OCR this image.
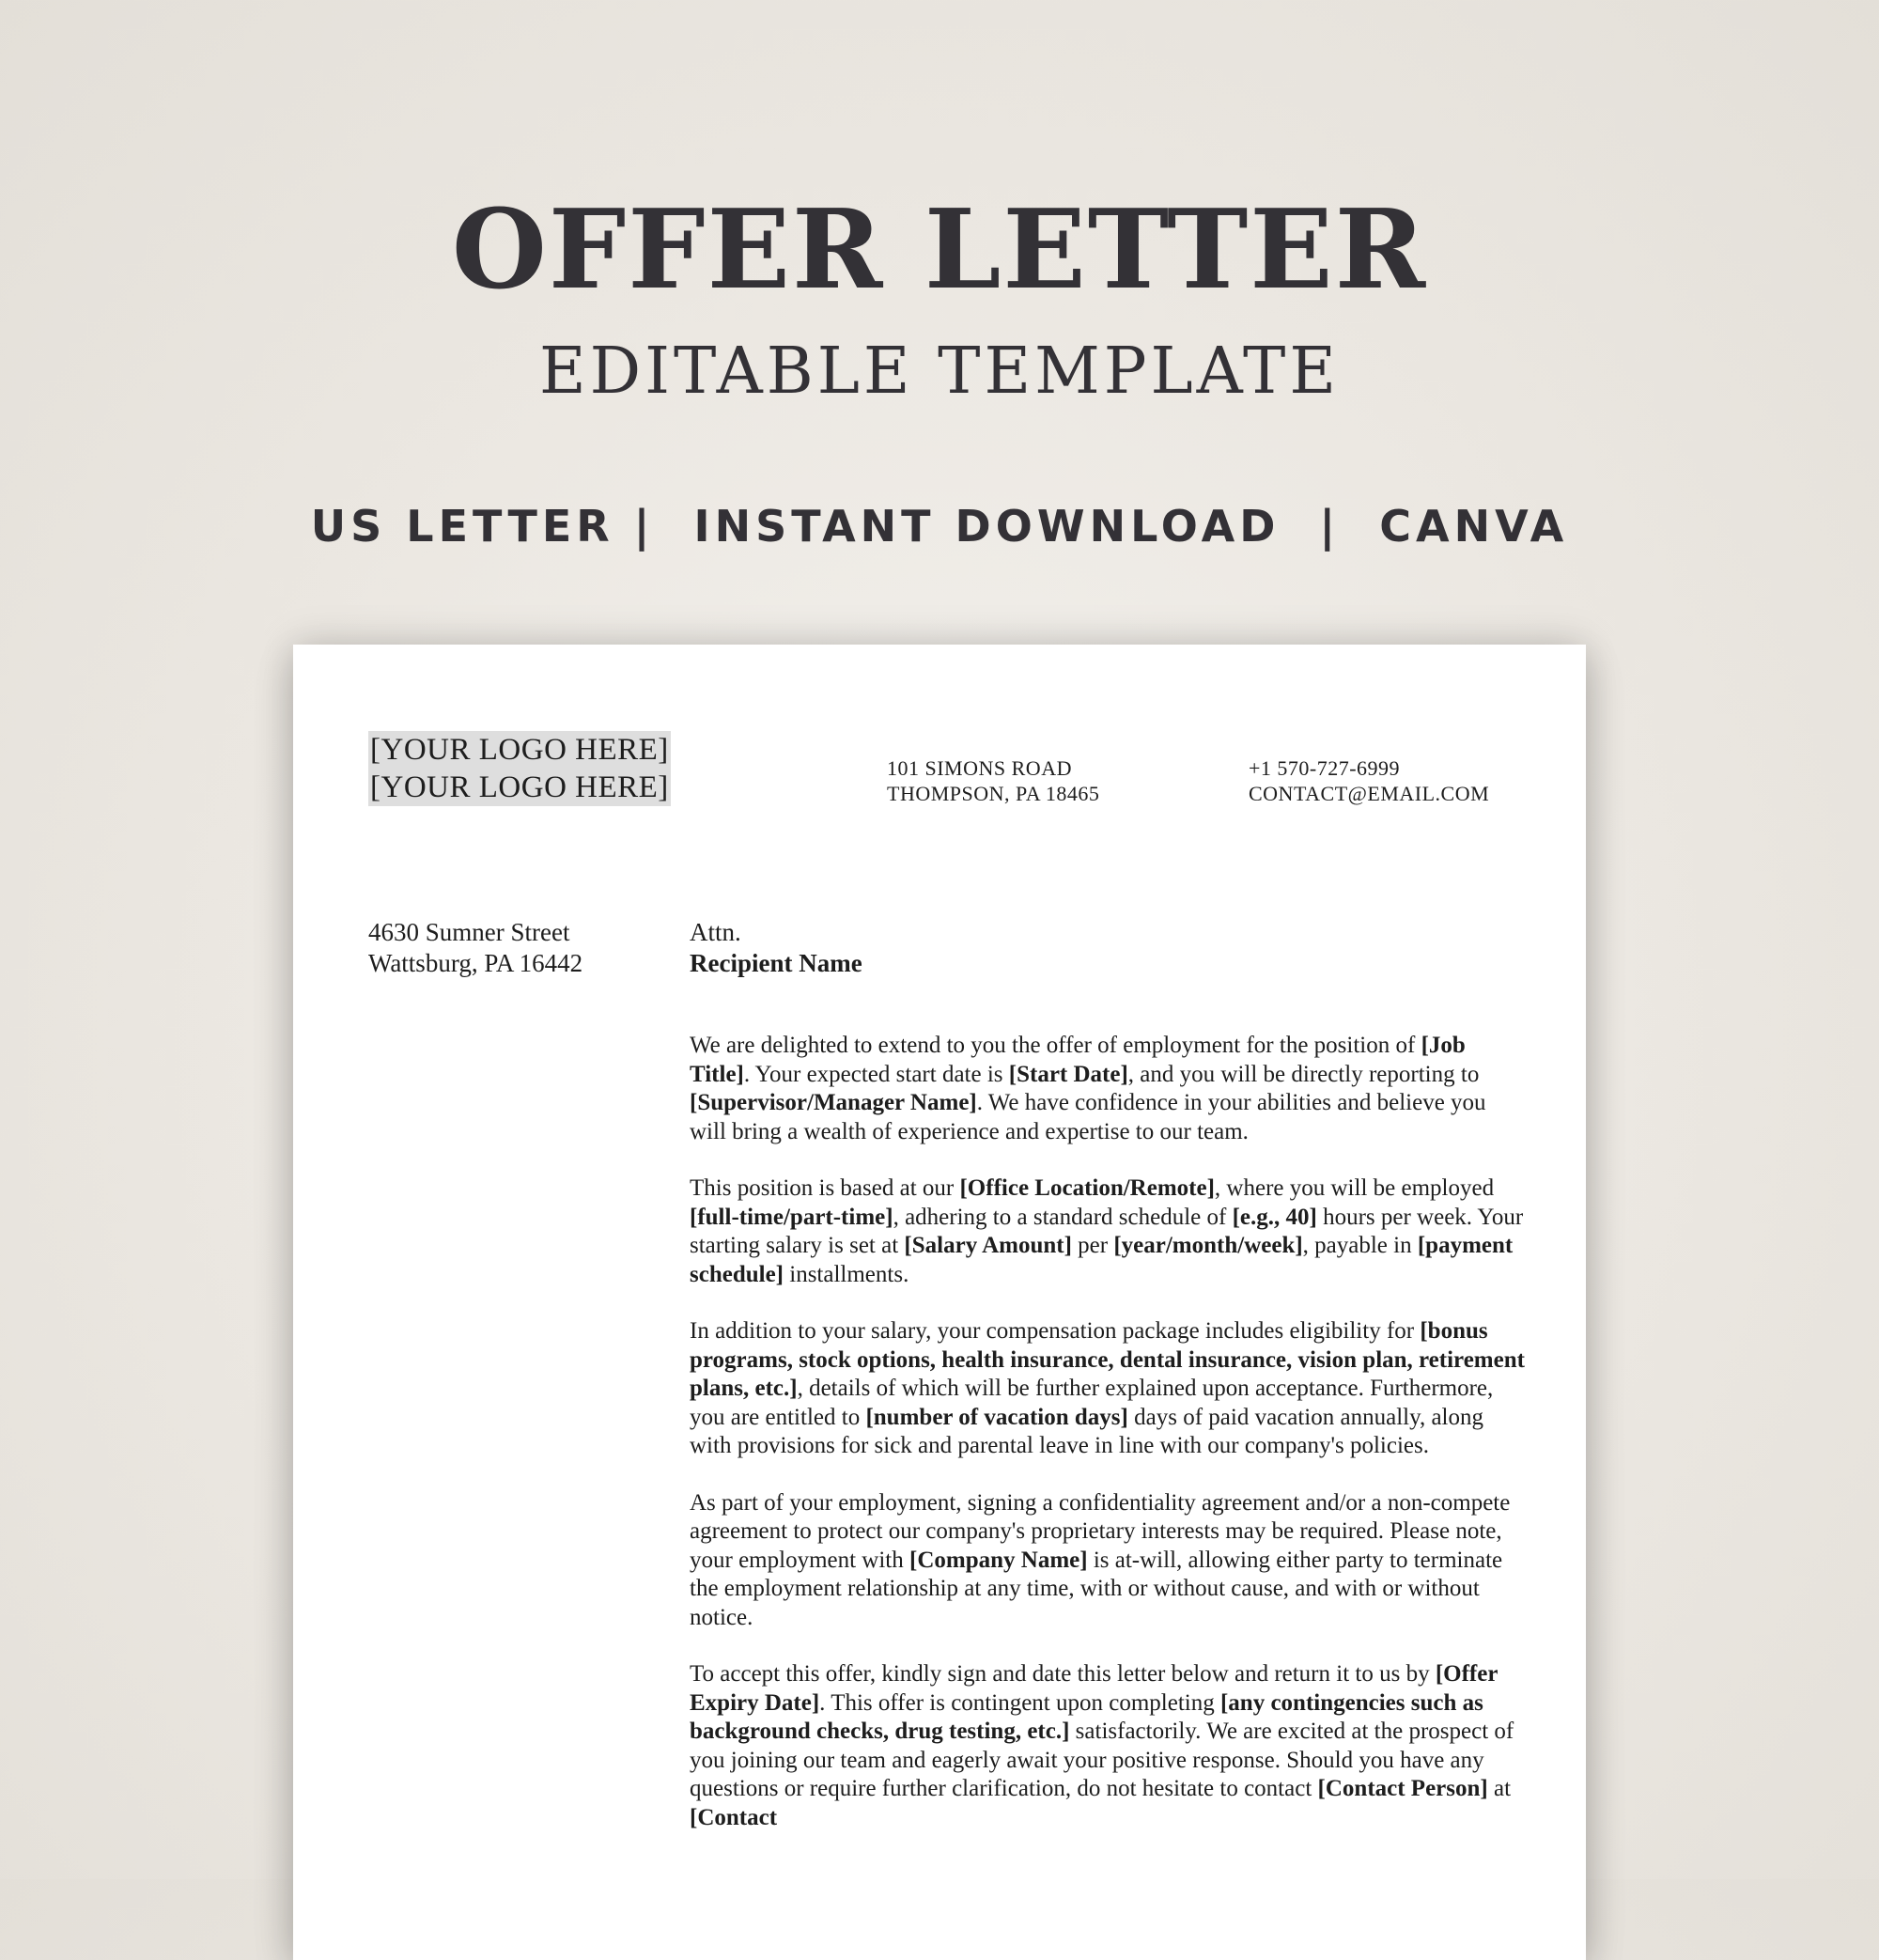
OFFER LETTER
EDITABLE TEMPLATE
US LETTER |  INSTANT DOWNLOAD  |  CANVA
[YOUR LOGO HERE]
[YOUR LOGO HERE]
101 SIMONS ROAD
THOMPSON, PA 18465
+1 570-727-6999
CONTACT@EMAIL.COM
4630 Sumner Street
Wattsburg, PA 16442
Attn.
Recipient Name

We are delighted to extend to you the offer of employment for the position of [Job Title]. Your expected start date is [Start Date], and you will be directly reporting to [Supervisor/Manager Name]. We have confidence in your abilities and believe you will bring a wealth of experience and expertise to our team.

This position is based at our [Office Location/Remote], where you will be employed [full-time/part-time], adhering to a standard schedule of [e.g., 40] hours per week. Your starting salary is set at [Salary Amount] per [year/month/week], payable in [payment schedule] installments.

In addition to your salary, your compensation package includes eligibility for [bonus programs, stock options, health insurance, dental insurance, vision plan, retirement plans, etc.], details of which will be further explained upon acceptance. Furthermore, you are entitled to [number of vacation days] days of paid vacation annually, along with provisions for sick and parental leave in line with our company's policies.

As part of your employment, signing a confidentiality agreement and/or a non-compete agreement to protect our company's proprietary interests may be required. Please note, your employment with [Company Name] is at-will, allowing either party to terminate the employment relationship at any time, with or without cause, and with or without notice.

To accept this offer, kindly sign and date this letter below and return it to us by [Offer Expiry Date]. This offer is contingent upon completing [any contingencies such as background checks, drug testing, etc.] satisfactorily. We are excited at the prospect of you joining our team and eagerly await your positive response. Should you have any questions or require further clarification, do not hesitate to contact [Contact Person] at [Contact
